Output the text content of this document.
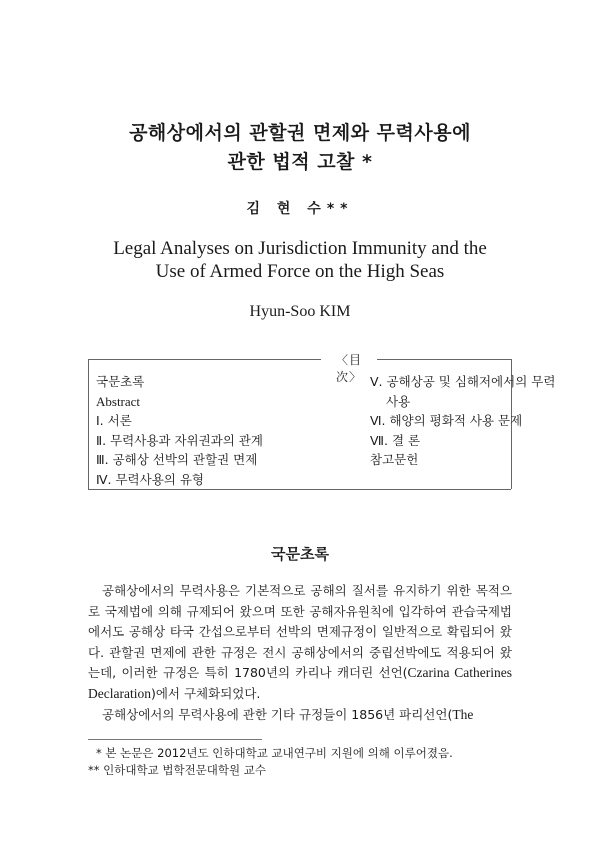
공해상에서의 관할권 면제와 무력사용에
관한 법적 고찰 *
김 현 수**
Legal Analyses on Jurisdiction Immunity and the
Use of Armed Force on the High Seas
Hyun-Soo KIM
〈目　　次〉
국문초록
Abstract
Ⅰ. 서론
Ⅱ. 무력사용과 자위권과의 관계
Ⅲ. 공해상 선박의 관할권 면제
Ⅳ. 무력사용의 유형
Ⅴ. 공해상공 및 심해저에서의 무력
사용
Ⅵ. 해양의 평화적 사용 문제
Ⅶ. 결 론
참고문헌
국문초록

공해상에서의 무력사용은 기본적으로 공해의 질서를 유지하기 위한 목적으로 국제법에 의해 규제되어 왔으며 또한 공해자유원칙에 입각하여 관습국제법에서도 공해상 타국 간섭으로부터 선박의 면제규정이 일반적으로 확립되어 왔다. 관할권 면제에 관한 규정은 전시 공해상에서의 중립선박에도 적용되어 왔는데, 이러한 규정은 특히 1780년의 카리나 캐더린 선언(Czarina Catherines Declaration)에서 구체화되었다.

공해상에서의 무력사용에 관한 기타 규정들이 1856년 파리선언(The

* 본 논문은 2012년도 인하대학교 교내연구비 지원에 의해 이루어졌음.
** 인하대학교 법학전문대학원 교수
